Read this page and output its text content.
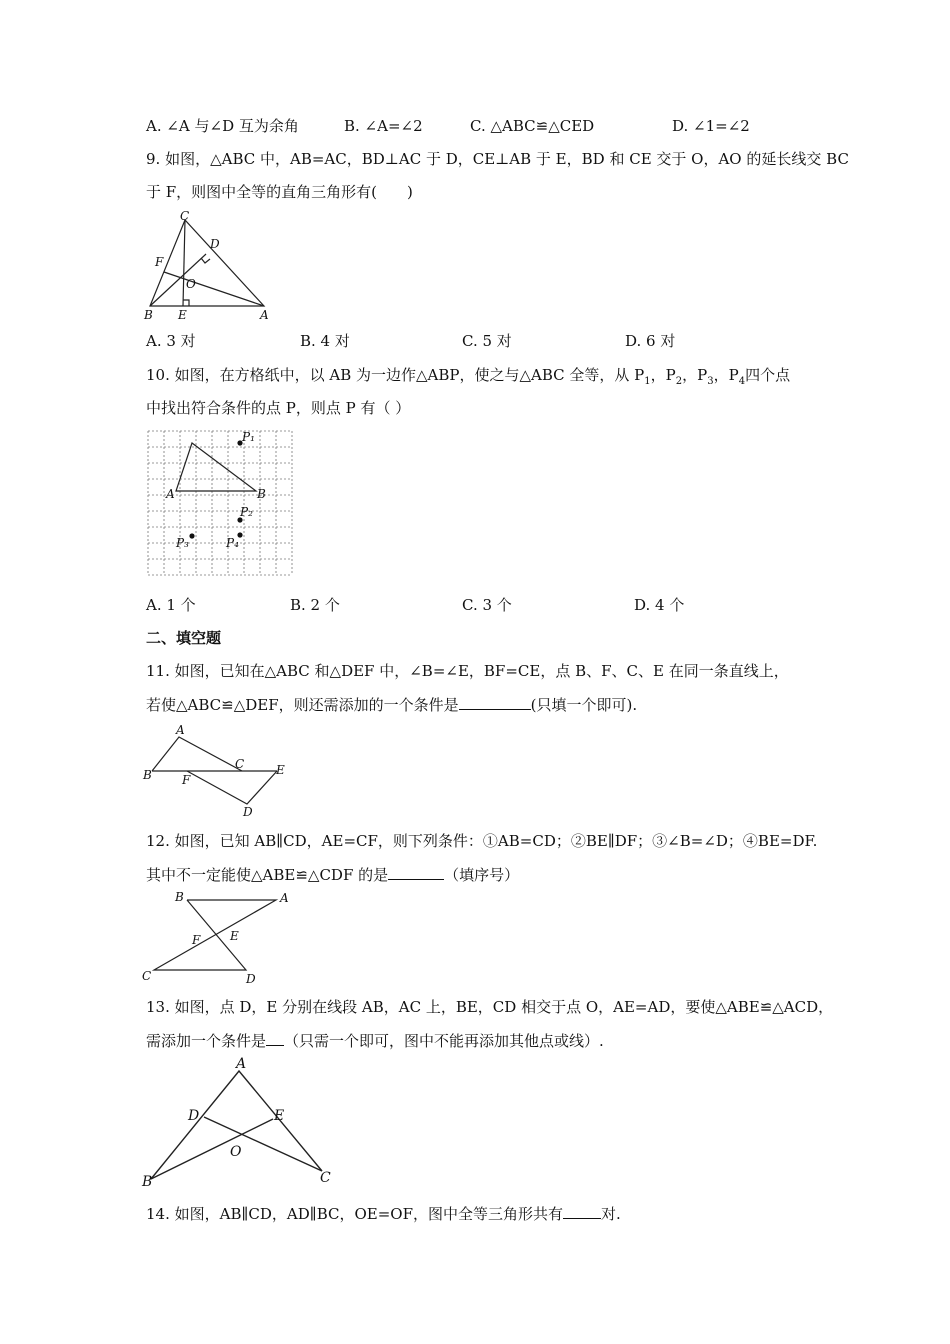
A. ∠A 与∠D 互为余角	B. ∠A=∠2	C. △ABC≌△CED	D. ∠1=∠2
9. 如图，△ABC 中，AB=AC，BD⊥AC 于 D，CE⊥AB 于 E，BD 和 CE 交于 O，AO 的延长线交 BC
于 F，则图中全等的直角三角形有(　　)
C
D
F
O
B E	A
A. 3 对	B. 4 对	C. 5 对	D. 6 对
10. 如图，在方格纸中，以 AB 为一边作△ABP，使之与△ABC 全等，从 $P_1$，$P_2$，$P_3$，$P_4$四个点
中找出符合条件的点 P，则点 P 有（ ）
A	B
P₁
P₂
P₃	P₄
A. 1 个	B. 2 个	C. 3 个	D. 4 个
二、填空题
11. 如图，已知在△ABC 和△DEF 中，∠B=∠E，BF=CE，点 B、F、C、E 在同一条直线上，
若使△ABC≌△DEF，则还需添加的一个条件是	(只填一个即可).
A
B	F
C	E
D
12. 如图，已知 AB∥CD，AE=CF，则下列条件：①AB=CD；②BE∥DF；③∠B=∠D；④BE=DF.
其中不一定能使△ABE≌△CDF 的是	（填序号）
B	A
F E
C	D
13. 如图，点 D，E 分别在线段 AB，AC 上，BE，CD 相交于点 O，AE=AD，要使△ABE≌△ACD，
需添加一个条件是 （只需一个即可，图中不能再添加其他点或线）.
A
D	E
O
B	C
14. 如图，AB∥CD，AD∥BC，OE=OF，图中全等三角形共有	对.
